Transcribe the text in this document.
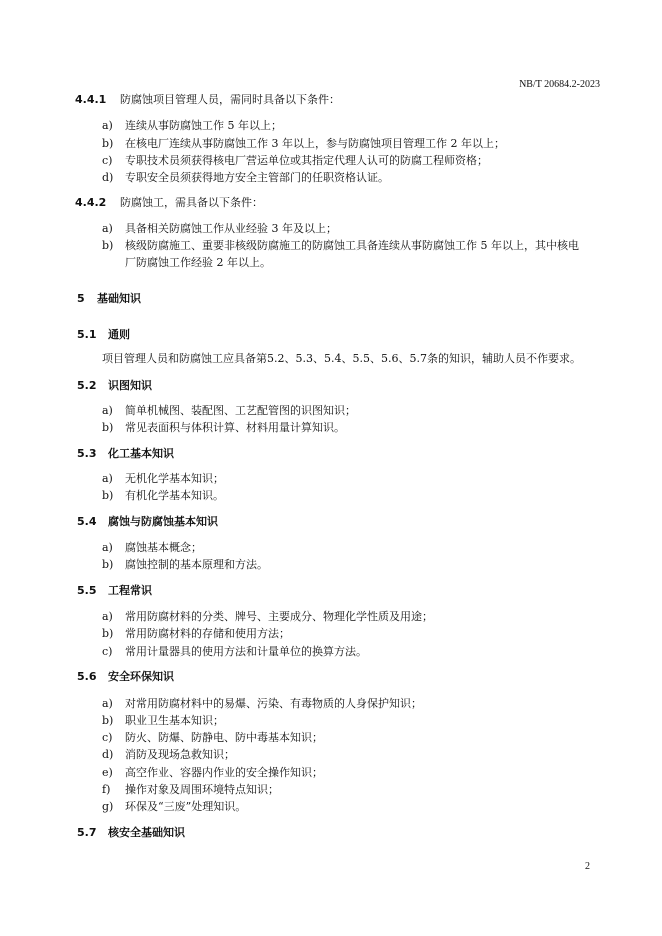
NB/T 20684.2-2023
4.4.1 防腐蚀项目管理人员，需同时具备以下条件：
a) 连续从事防腐蚀工作 5 年以上；
b) 在核电厂连续从事防腐蚀工作 3 年以上，参与防腐蚀项目管理工作 2 年以上；
c) 专职技术员须获得核电厂营运单位或其指定代理人认可的防腐工程师资格；
d) 专职安全员须获得地方安全主管部门的任职资格认证。
4.4.2 防腐蚀工，需具备以下条件：
a) 具备相关防腐蚀工作从业经验 3 年及以上；
b) 核级防腐施工、重要非核级防腐施工的防腐蚀工具备连续从事防腐蚀工作 5 年以上，其中核电
厂防腐蚀工作经验 2 年以上。
5 基础知识
5.1 通则
项目管理人员和防腐蚀工应具备第5.2、5.3、5.4、5.5、5.6、5.7条的知识，辅助人员不作要求。
5.2 识图知识
a) 简单机械图、装配图、工艺配管图的识图知识；
b) 常见表面积与体积计算、材料用量计算知识。
5.3 化工基本知识
a) 无机化学基本知识；
b) 有机化学基本知识。
5.4 腐蚀与防腐蚀基本知识
a) 腐蚀基本概念；
b) 腐蚀控制的基本原理和方法。
5.5 工程常识
a) 常用防腐材料的分类、牌号、主要成分、物理化学性质及用途；
b) 常用防腐材料的存储和使用方法；
c) 常用计量器具的使用方法和计量单位的换算方法。
5.6 安全环保知识
a) 对常用防腐材料中的易爆、污染、有毒物质的人身保护知识；
b) 职业卫生基本知识；
c) 防火、防爆、防静电、防中毒基本知识；
d) 消防及现场急救知识；
e) 高空作业、容器内作业的安全操作知识；
f) 操作对象及周围环境特点知识；
g) 环保及“三废”处理知识。
5.7 核安全基础知识
2
